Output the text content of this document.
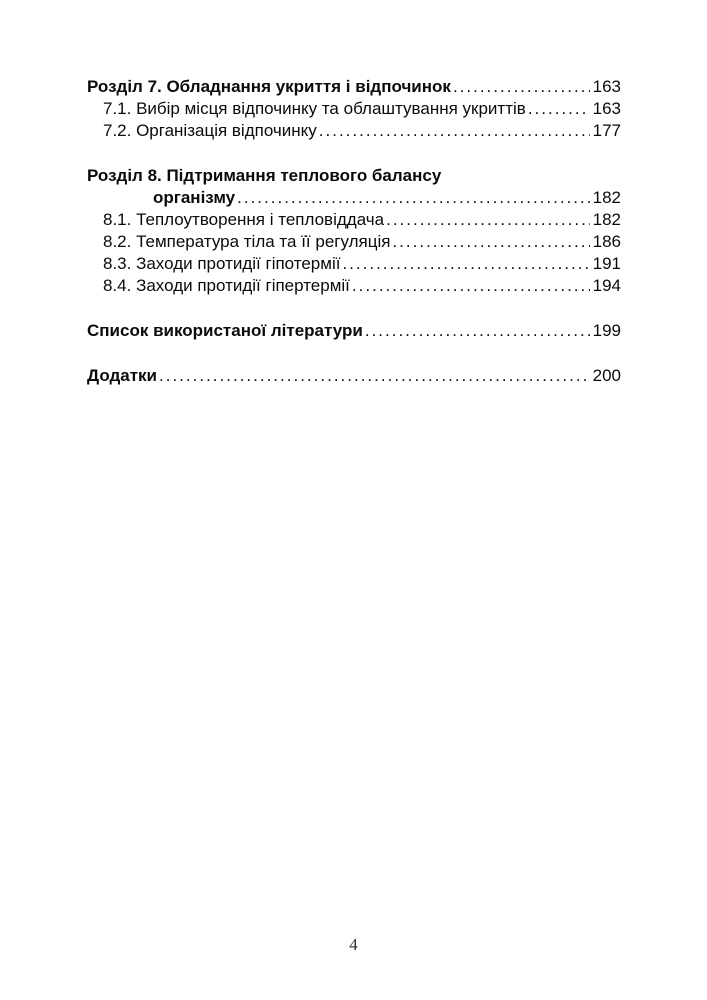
Розділ 7. Обладнання укриття і відпочинок .....	163
7.1. Вибір місця відпочинку та облаштування укриттів .....	163
7.2. Організація відпочинку .....	177
Розділ 8. Підтримання теплового балансу
організму .....	182
8.1. Теплоутворення і тепловіддача .....	182
8.2. Температура тіла та її регуляція .....	186
8.3. Заходи протидії гіпотермії .....	191
8.4. Заходи протидії гіпертермії .....	194
Список використаної літератури .....	199
Додатки .....	200
4
